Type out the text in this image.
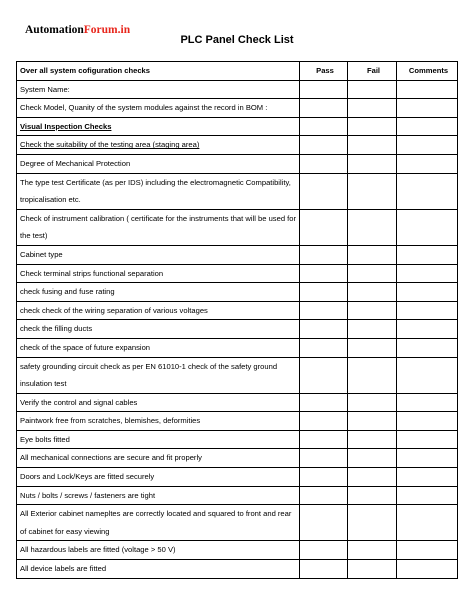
AutomationForum.in
PLC Panel Check List
Over all system cofiguration checks	Pass	Fail	Comments
System Name:			
Check Model, Quanity of the system modules against the record in BOM :			
Visual Inspection Checks			
Check the suitability of the testing area (staging area)			
Degree of Mechanical Protection			
The type test Certificate (as per IDS) including the electromagnetic Compatibility, tropicalisation etc.			
Check of instrument calibration ( certificate for the instruments that will be used for the test)			
Cabinet type			
Check terminal strips functional separation			
check fusing and fuse rating			
check check of the wiring separation of various voltages			
check the filling ducts			
check of the space of future expansion			
safety grounding circuit check as per EN 61010-1 check of the safety ground insulation test			
Verify the control and signal cables			
Paintwork free from scratches, blemishes, deformities			
Eye bolts fitted			
All mechanical connections are secure and fit properly			
Doors and Lock/Keys are fitted securely			
Nuts / bolts / screws / fasteners are tight			
All Exterior cabinet namepltes are correctly located and squared to front and rear of cabinet for easy viewing			
All hazardous labels are fitted (voltage > 50 V)			
All device labels are fitted			
